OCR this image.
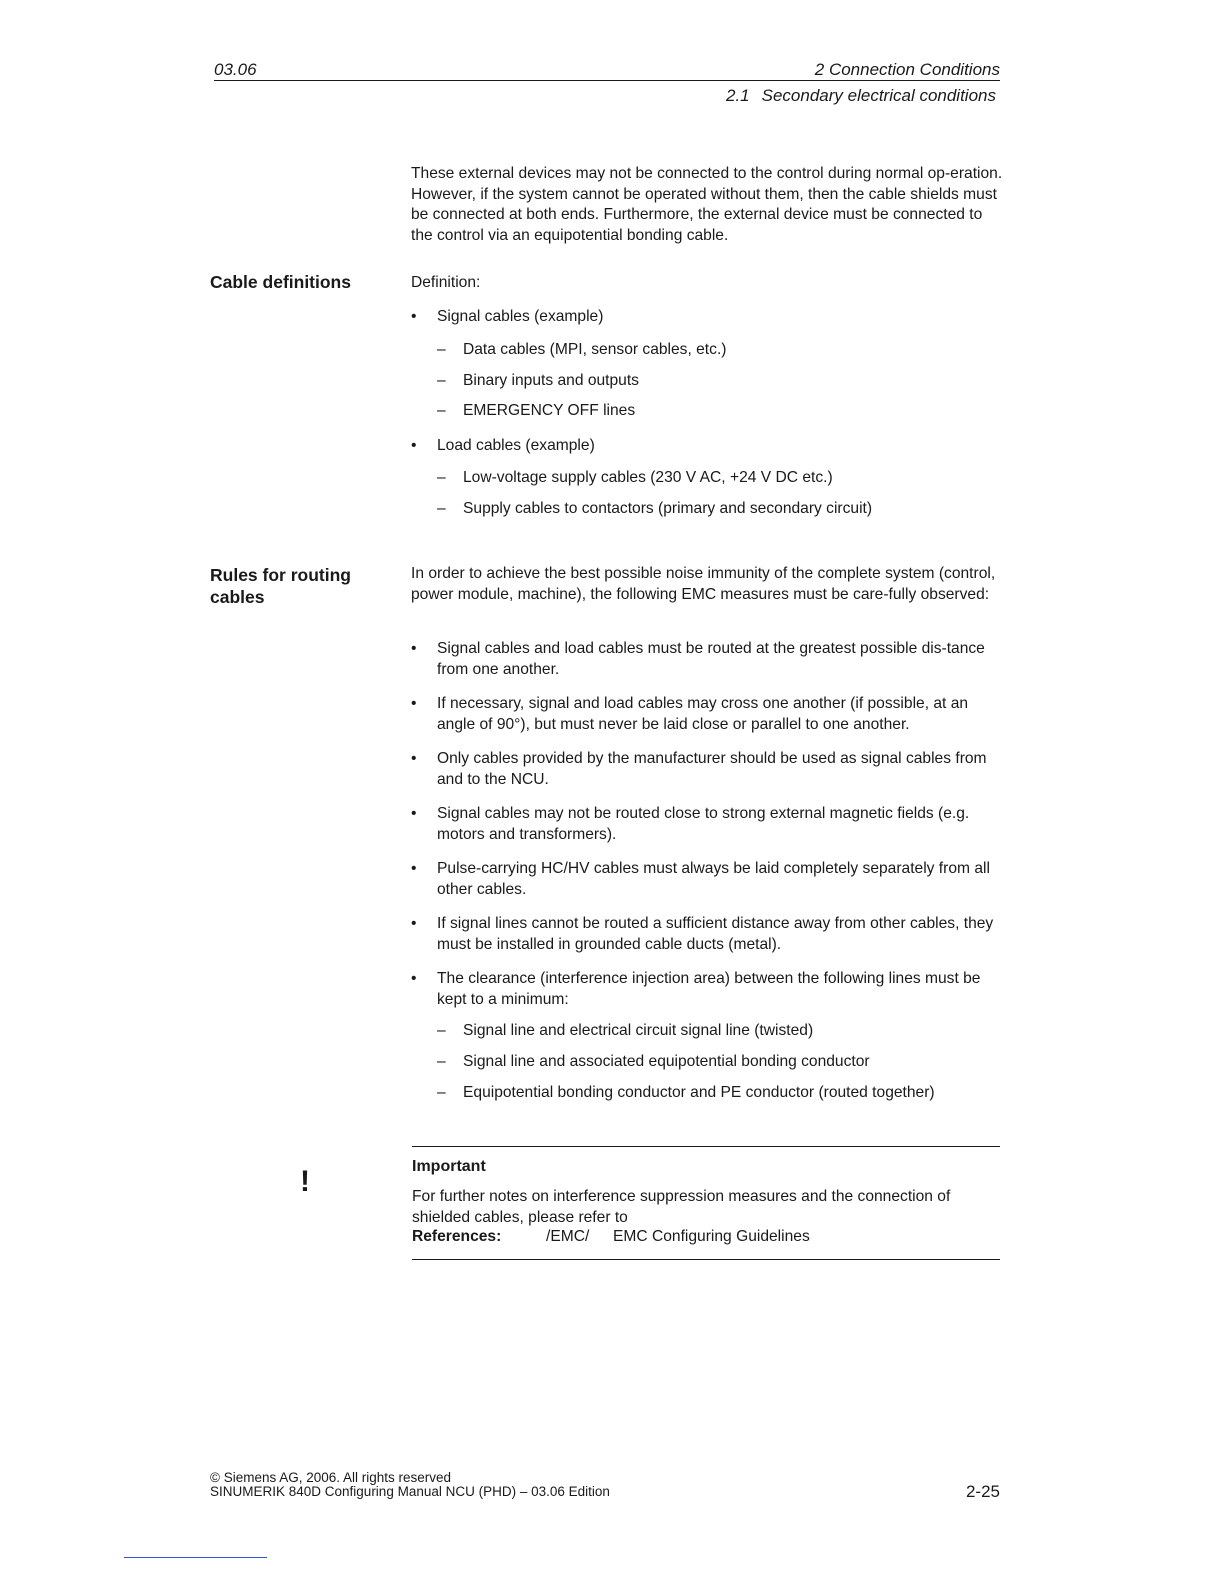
03.06	2 Connection Conditions
2.1 Secondary electrical conditions
These external devices may not be connected to the control during normal op-eration. However, if the system cannot be operated without them, then the cable shields must be connected at both ends. Furthermore, the external device must be connected to the control via an equipotential bonding cable.
Cable definitions	Definition:
•	Signal cables (example)
– Data cables (MPI, sensor cables, etc.)
– Binary inputs and outputs
– EMERGENCY OFF lines
•	Load cables (example)
– Low-voltage supply cables (230 V AC, +24 V DC etc.)
– Supply cables to contactors (primary and secondary circuit)
Rules for routing cables
In order to achieve the best possible noise immunity of the complete system (control, power module, machine), the following EMC measures must be care-fully observed:
•	Signal cables and load cables must be routed at the greatest possible dis-tance from one another.
•	If necessary, signal and load cables may cross one another (if possible, at an angle of 90°), but must never be laid close or parallel to one another.
•	Only cables provided by the manufacturer should be used as signal cables from and to the NCU.
•	Signal cables may not be routed close to strong external magnetic fields (e.g. motors and transformers).
•	Pulse-carrying HC/HV cables must always be laid completely separately from all other cables.
•	If signal lines cannot be routed a sufficient distance away from other cables, they must be installed in grounded cable ducts (metal).
•	The clearance (interference injection area) between the following lines must be kept to a minimum:
– Signal line and electrical circuit signal line (twisted)
– Signal line and associated equipotential bonding conductor
– Equipotential bonding conductor and PE conductor (routed together)
!	Important
For further notes on interference suppression measures and the connection of shielded cables, please refer to
References:	/EMC/ EMC Configuring Guidelines
© Siemens AG, 2006. All rights reserved
SINUMERIK 840D Configuring Manual NCU (PHD) – 03.06 Edition	2-25
